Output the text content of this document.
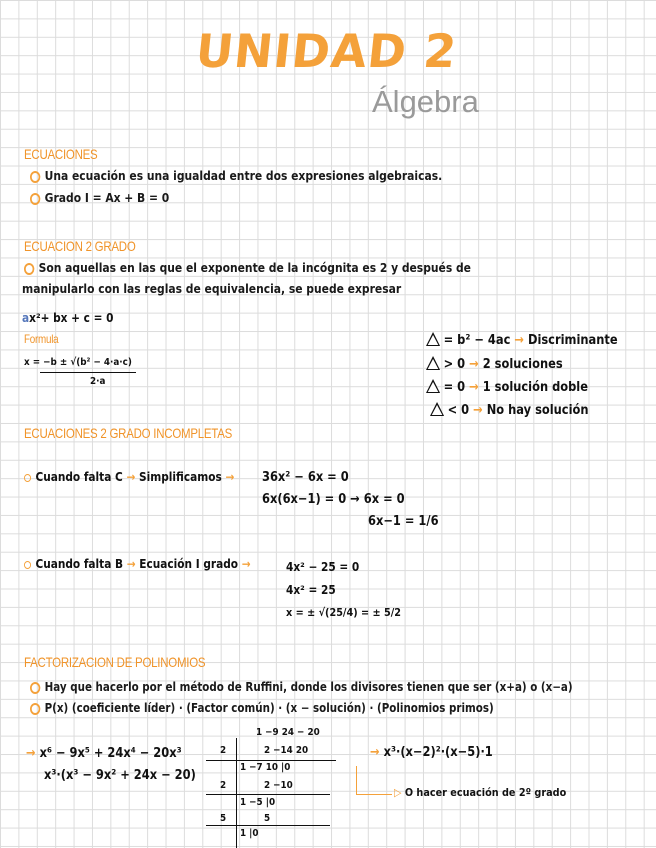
UNIDAD 2
Álgebra
ECUACIONES
Una ecuación es una igualdad entre dos expresiones algebraicas.
Grado I = Ax + B = 0
ECUACION 2 GRADO
Son aquellas en las que el exponente de la incógnita es 2 y después de
manipularlo con las reglas de equivalencia, se puede expresar
ax²+ bx + c = 0
Formula
x = −b ± √(b² − 4·a·c)
2·a
= b² − 4ac → Discriminante
> 0 → 2 soluciones
= 0 → 1 solución doble
< 0 → No hay solución
ECUACIONES 2 GRADO INCOMPLETAS
Cuando falta C → Simplificamos → 36x² − 6x = 0
6x(6x−1) = 0 → 6x = 0
6x−1 = 1/6
Cuando falta B → Ecuación I grado →	4x² − 25 = 0
4x² = 25
x = ± √(25/4) = ± 5/2
FACTORIZACION DE POLINOMIOS
Hay que hacerlo por el método de Ruffini, donde los divisores tienen que ser (x+a) o (x−a)
P(x) (coeficiente líder) · (Factor común) · (x − solución) · (Polinomios primos)
→ x⁶ − 9x⁵ + 24x⁴ − 20x³
x³·(x³ − 9x² + 24x − 20)
1 −9 24 − 20
2	2 −14 20
1 −7 10 |0
2	2 −10
1 −5 |0
5	5
1 |0
→ x³·(x−2)²·(x−5)·1
▷ O hacer ecuación de 2º grado
